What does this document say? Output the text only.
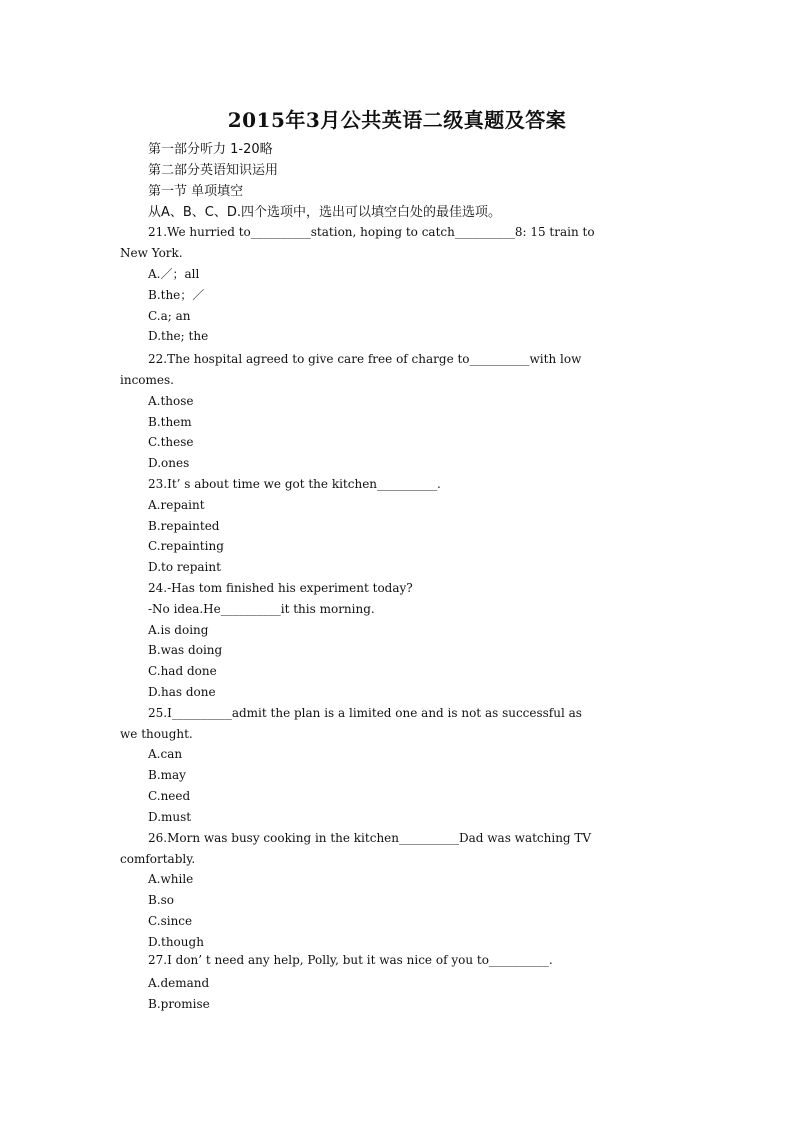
2015年3月公共英语二级真题及答案
第一部分听力 1-20略
第二部分英语知识运用
第一节 单项填空
从A、B、C、D.四个选项中，选出可以填空白处的最佳选项。
21.We hurried to__________station, hoping to catch__________8: 15 train to
New York.
A.／；all
B.the；／
C.a; an
D.the; the
22.The hospital agreed to give care free of charge to__________with low
incomes.
A.those
B.them
C.these
D.ones
23.It’ s about time we got the kitchen__________.
A.repaint
B.repainted
C.repainting
D.to repaint
24.-Has tom finished his experiment today?
-No idea.He__________it this morning.
A.is doing
B.was doing
C.had done
D.has done
25.I__________admit the plan is a limited one and is not as successful as
we thought.
A.can
B.may
C.need
D.must
26.Morn was busy cooking in the kitchen__________Dad was watching TV
comfortably.
A.while
B.so
C.since
D.though
27.I don’ t need any help, Polly, but it was nice of you to__________.
A.demand
B.promise
